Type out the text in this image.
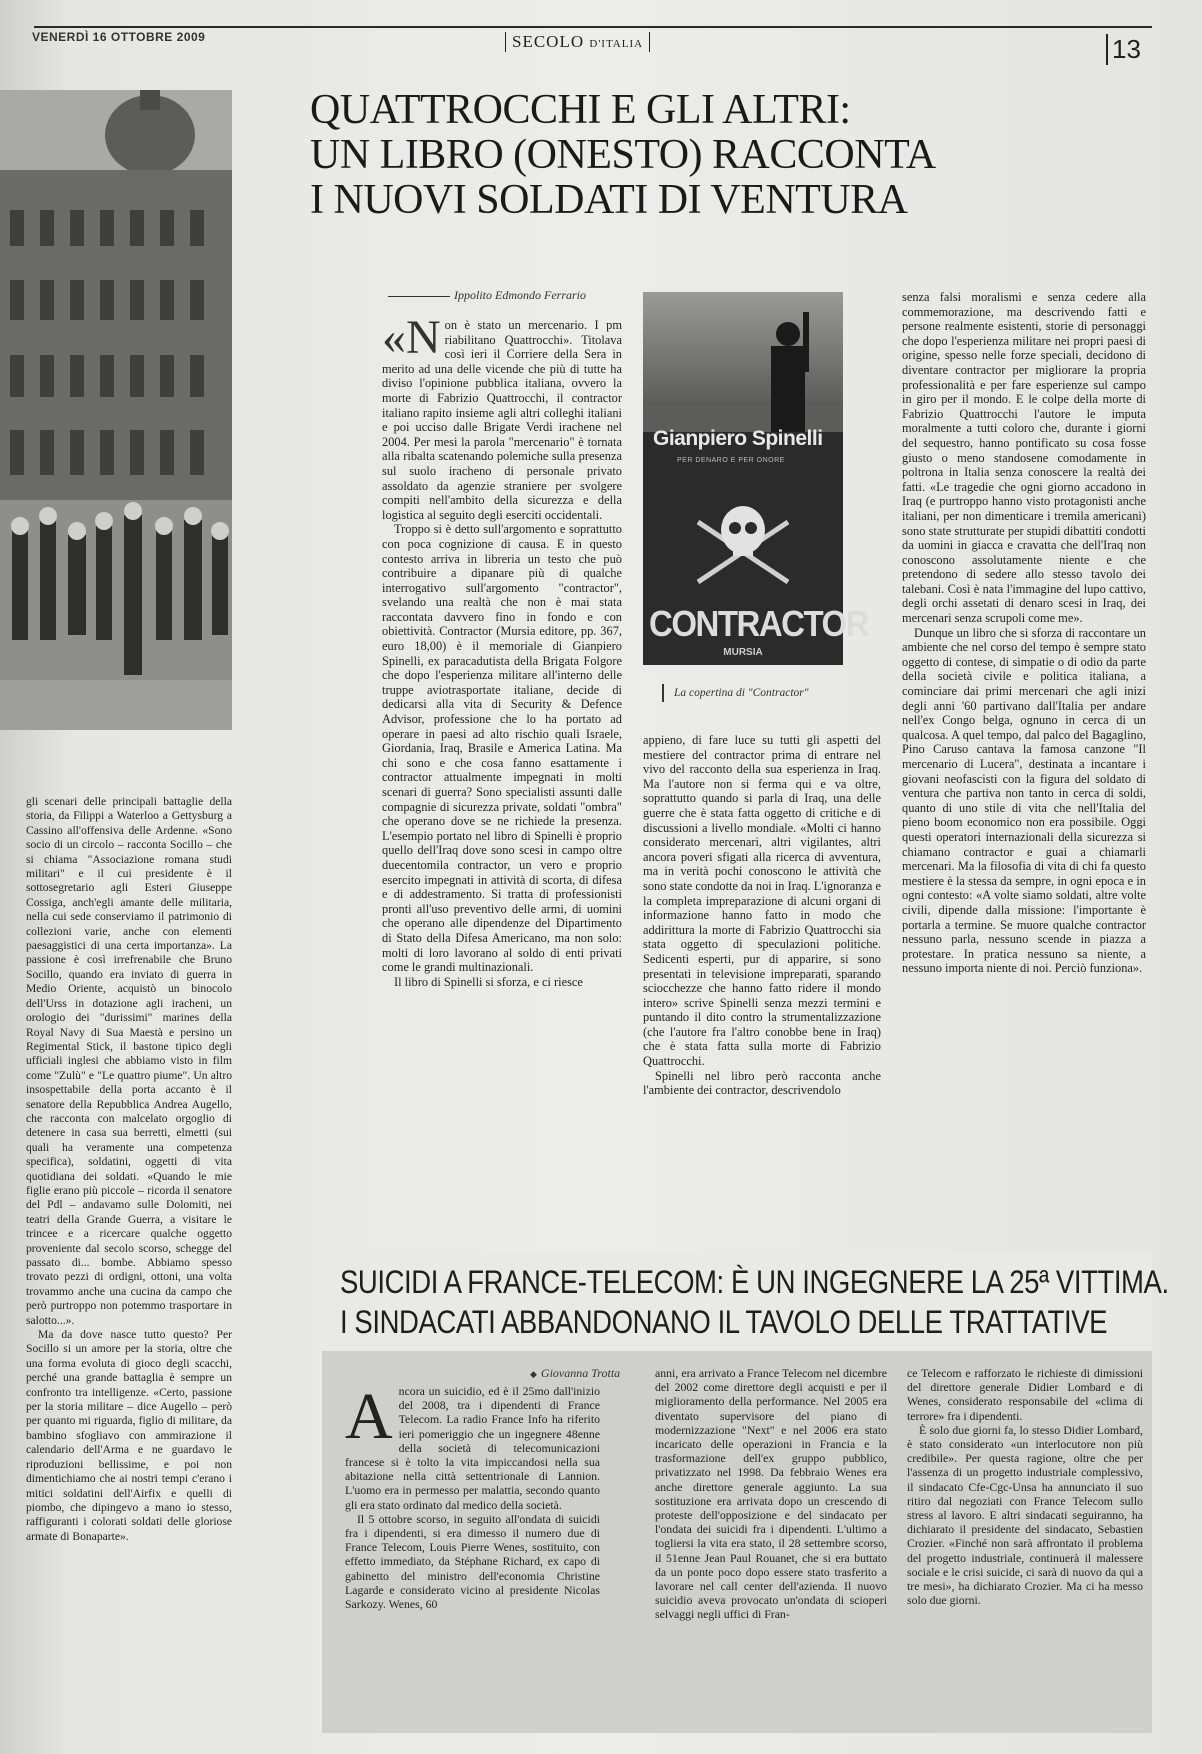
VENERDÌ 16 OTTOBRE 2009	SECOLO D'ITALIA	13
QUATTROCCHI E GLI ALTRI:
UN LIBRO (ONESTO) RACCONTA
I NUOVI SOLDATI DI VENTURA
Ippolito Edmondo Ferrario

«Non è stato un mercenario. I pm riabilitano Quattrocchi». Titolava così ieri il Corriere della Sera in merito ad una delle vicende che più di tutte ha diviso l'opinione pubblica italiana, ovvero la morte di Fabrizio Quattrocchi, il contractor italiano rapito insieme agli altri colleghi italiani e poi ucciso dalle Brigate Verdi irachene nel 2004. Per mesi la parola "mercenario" è tornata alla ribalta scatenando polemiche sulla presenza sul suolo iracheno di personale privato assoldato da agenzie straniere per svolgere compiti nell'ambito della sicurezza e della logistica al seguito degli eserciti occidentali.

Troppo si è detto sull'argomento e soprattutto con poca cognizione di causa. E in questo contesto arriva in libreria un testo che può contribuire a dipanare più di qualche interrogativo sull'argomento "contractor", svelando una realtà che non è mai stata raccontata davvero fino in fondo e con obiettività. Contractor (Mursia editore, pp. 367, euro 18,00) è il memoriale di Gianpiero Spinelli, ex paracadutista della Brigata Folgore che dopo l'esperienza militare all'interno delle truppe aviotrasportate italiane, decide di dedicarsi alla vita di Security & Defence Advisor, professione che lo ha portato ad operare in paesi ad alto rischio quali Israele, Giordania, Iraq, Brasile e America Latina. Ma chi sono e che cosa fanno esattamente i contractor attualmente impegnati in molti scenari di guerra? Sono specialisti assunti dalle compagnie di sicurezza private, soldati "ombra" che operano dove se ne richiede la presenza. L'esempio portato nel libro di Spinelli è proprio quello dell'Iraq dove sono scesi in campo oltre duecentomila contractor, un vero e proprio esercito impegnati in attività di scorta, di difesa e di addestramento. Si tratta di professionisti pronti all'uso preventivo delle armi, di uomini che operano alle dipendenze del Dipartimento di Stato della Difesa Americano, ma non solo: molti di loro lavorano al soldo di enti privati come le grandi multinazionali.

Il libro di Spinelli si sforza, e ci riesce

Gianpiero Spinelli
PER DENARO E PER ONORE
CONTRACTOR
MURSIA
La copertina di "Contractor"

appieno, di fare luce su tutti gli aspetti del mestiere del contractor prima di entrare nel vivo del racconto della sua esperienza in Iraq. Ma l'autore non si ferma qui e va oltre, soprattutto quando si parla di Iraq, una delle guerre che è stata fatta oggetto di critiche e di discussioni a livello mondiale. «Molti ci hanno considerato mercenari, altri vigilantes, altri ancora poveri sfigati alla ricerca di avventura, ma in verità pochi conoscono le attività che sono state condotte da noi in Iraq. L'ignoranza e la completa impreparazione di alcuni organi di informazione hanno fatto in modo che addirittura la morte di Fabrizio Quattrocchi sia stata oggetto di speculazioni politiche. Sedicenti esperti, pur di apparire, si sono presentati in televisione impreparati, sparando sciocchezze che hanno fatto ridere il mondo intero» scrive Spinelli senza mezzi termini e puntando il dito contro la strumentalizzazione (che l'autore fra l'altro conobbe bene in Iraq) che è stata fatta sulla morte di Fabrizio Quattrocchi.

Spinelli nel libro però racconta anche l'ambiente dei contractor, descrivendolo

senza falsi moralismi e senza cedere alla commemorazione, ma descrivendo fatti e persone realmente esistenti, storie di personaggi che dopo l'esperienza militare nei propri paesi di origine, spesso nelle forze speciali, decidono di diventare contractor per migliorare la propria professionalità e per fare esperienze sul campo in giro per il mondo. E le colpe della morte di Fabrizio Quattrocchi l'autore le imputa moralmente a tutti coloro che, durante i giorni del sequestro, hanno pontificato su cosa fosse giusto o meno standosene comodamente in poltrona in Italia senza conoscere la realtà dei fatti. «Le tragedie che ogni giorno accadono in Iraq (e purtroppo hanno visto protagonisti anche italiani, per non dimenticare i tremila americani) sono state strutturate per stupidi dibattiti condotti da uomini in giacca e cravatta che dell'Iraq non conoscono assolutamente niente e che pretendono di sedere allo stesso tavolo dei talebani. Così è nata l'immagine del lupo cattivo, degli orchi assetati di denaro scesi in Iraq, dei mercenari senza scrupoli come me».

Dunque un libro che si sforza di raccontare un ambiente che nel corso del tempo è sempre stato oggetto di contese, di simpatie o di odio da parte della società civile e politica italiana, a cominciare dai primi mercenari che agli inizi degli anni '60 partivano dall'Italia per andare nell'ex Congo belga, ognuno in cerca di un qualcosa. A quel tempo, dal palco del Bagaglino, Pino Caruso cantava la famosa canzone "Il mercenario di Lucera", destinata a incantare i giovani neofascisti con la figura del soldato di ventura che partiva non tanto in cerca di soldi, quanto di uno stile di vita che nell'Italia del pieno boom economico non era possibile. Oggi questi operatori internazionali della sicurezza si chiamano contractor e guai a chiamarli mercenari. Ma la filosofia di vita di chi fa questo mestiere è la stessa da sempre, in ogni epoca e in ogni contesto: «A volte siamo soldati, altre volte civili, dipende dalla missione: l'importante è portarla a termine. Se muore qualche contractor nessuno parla, nessuno scende in piazza a protestare. In pratica nessuno sa niente, a nessuno importa niente di noi. Perciò funziona».

gli scenari delle principali battaglie della storia, da Filippi a Waterloo a Gettysburg a Cassino all'offensiva delle Ardenne. «Sono socio di un circolo – racconta Socillo – che si chiama "Associazione romana studi militari" e il cui presidente è il sottosegretario agli Esteri Giuseppe Cossiga, anch'egli amante delle militaria, nella cui sede conserviamo il patrimonio di collezioni varie, anche con elementi paesaggistici di una certa importanza». La passione è così irrefrenabile che Bruno Socillo, quando era inviato di guerra in Medio Oriente, acquistò un binocolo dell'Urss in dotazione agli iracheni, un orologio dei "durissimi" marines della Royal Navy di Sua Maestà e persino un Regimental Stick, il bastone tipico degli ufficiali inglesi che abbiamo visto in film come "Zulù" e "Le quattro piume". Un altro insospettabile della porta accanto è il senatore della Repubblica Andrea Augello, che racconta con malcelato orgoglio di detenere in casa sua berretti, elmetti (sui quali ha veramente una competenza specifica), soldatini, oggetti di vita quotidiana dei soldati. «Quando le mie figlie erano più piccole – ricorda il senatore del Pdl – andavamo sulle Dolomiti, nei teatri della Grande Guerra, a visitare le trincee e a ricercare qualche oggetto proveniente dal secolo scorso, schegge del passato di... bombe. Abbiamo spesso trovato pezzi di ordigni, ottoni, una volta trovammo anche una cucina da campo che però purtroppo non potemmo trasportare in salotto...».

Ma da dove nasce tutto questo? Per Socillo si un amore per la storia, oltre che una forma evoluta di gioco degli scacchi, perché una grande battaglia è sempre un confronto tra intelligenze. «Certo, passione per la storia militare – dice Augello – però per quanto mi riguarda, figlio di militare, da bambino sfogliavo con ammirazione il calendario dell'Arma e ne guardavo le riproduzioni bellissime, e poi non dimentichiamo che ai nostri tempi c'erano i mitici soldatini dell'Airfix e quelli di piombo, che dipingevo a mano io stesso, raffiguranti i colorati soldati delle gloriose armate di Bonaparte».

SUICIDI A FRANCE-TELECOM: È UN INGEGNERE LA 25ª VITTIMA.
I SINDACATI ABBANDONANO IL TAVOLO DELLE TRATTATIVE
◆ Giovanna Trotta

Ancora un suicidio, ed è il 25mo dall'inizio del 2008, tra i dipendenti di France Telecom. La radio France Info ha riferito ieri pomeriggio che un ingegnere 48enne della società di telecomunicazioni francese si è tolto la vita impiccandosi nella sua abitazione nella città settentrionale di Lannion. L'uomo era in permesso per malattia, secondo quanto gli era stato ordinato dal medico della società.

Il 5 ottobre scorso, in seguito all'ondata di suicidi fra i dipendenti, si era dimesso il numero due di France Telecom, Louis Pierre Wenes, sostituito, con effetto immediato, da Stéphane Richard, ex capo di gabinetto del ministro dell'economia Christine Lagarde e considerato vicino al presidente Nicolas Sarkozy. Wenes, 60

anni, era arrivato a France Telecom nel dicembre del 2002 come direttore degli acquisti e per il miglioramento della performance. Nel 2005 era diventato supervisore del piano di modernizzazione "Next" e nel 2006 era stato incaricato delle operazioni in Francia e la trasformazione dell'ex gruppo pubblico, privatizzato nel 1998. Da febbraio Wenes era anche direttore generale aggiunto. La sua sostituzione era arrivata dopo un crescendo di proteste dell'opposizione e del sindacato per l'ondata dei suicidi fra i dipendenti. L'ultimo a togliersi la vita era stato, il 28 settembre scorso, il 51enne Jean Paul Rouanet, che si era buttato da un ponte poco dopo essere stato trasferito a lavorare nel call center dell'azienda. Il nuovo suicidio aveva provocato un'ondata di scioperi selvaggi negli uffici di Fran-

ce Telecom e rafforzato le richieste di dimissioni del direttore generale Didier Lombard e di Wenes, considerato responsabile del «clima di terrore» fra i dipendenti.

È solo due giorni fa, lo stesso Didier Lombard, è stato considerato «un interlocutore non più credibile». Per questa ragione, oltre che per l'assenza di un progetto industriale complessivo, il sindacato Cfe-Cgc-Unsa ha annunciato il suo ritiro dal negoziati con France Telecom sullo stress al lavoro. E altri sindacati seguiranno, ha dichiarato il presidente del sindacato, Sebastien Crozier. «Finché non sarà affrontato il problema del progetto industriale, continuerà il malessere sociale e le crisi suicide, ci sarà di nuovo da qui a tre mesi», ha dichiarato Crozier. Ma ci ha messo solo due giorni.
